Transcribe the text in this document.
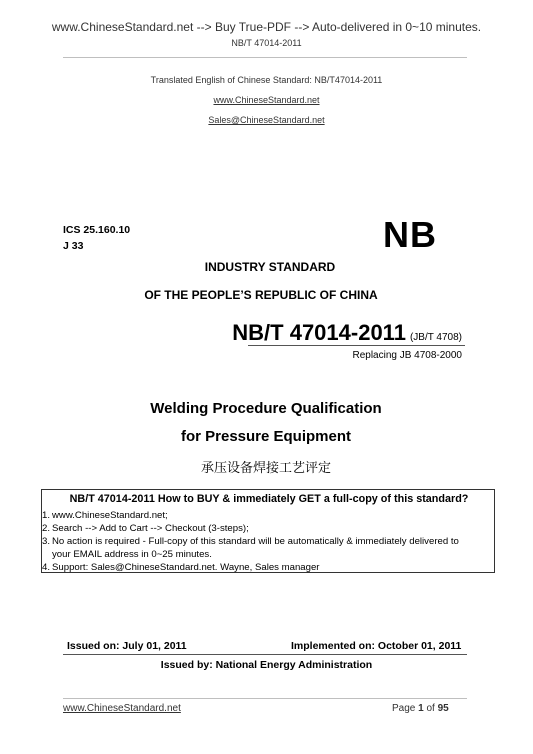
www.ChineseStandard.net --> Buy True-PDF --> Auto-delivered in 0~10 minutes.
NB/T 47014-2011
Translated English of Chinese Standard: NB/T47014-2011
www.ChineseStandard.net
Sales@ChineseStandard.net
ICS 25.160.10
J 33	NB
INDUSTRY STANDARD
OF THE PEOPLE’S REPUBLIC OF CHINA
NB/T 47014-2011 (JB/T 4708)
Replacing JB 4708-2000
Welding Procedure Qualification
for Pressure Equipment
承压设备焊接工艺评定
NB/T 47014-2011 How to BUY & immediately GET a full-copy of this standard?
1. www.ChineseStandard.net;
2. Search --> Add to Cart --> Checkout (3-steps);
3. No action is required - Full-copy of this standard will be automatically & immediately delivered to
your EMAIL address in 0~25 minutes.
4. Support: Sales@ChineseStandard.net. Wayne, Sales manager
Issued on: July 01, 2011	Implemented on: October 01, 2011
Issued by: National Energy Administration
www.ChineseStandard.net	Page 1 of 95
